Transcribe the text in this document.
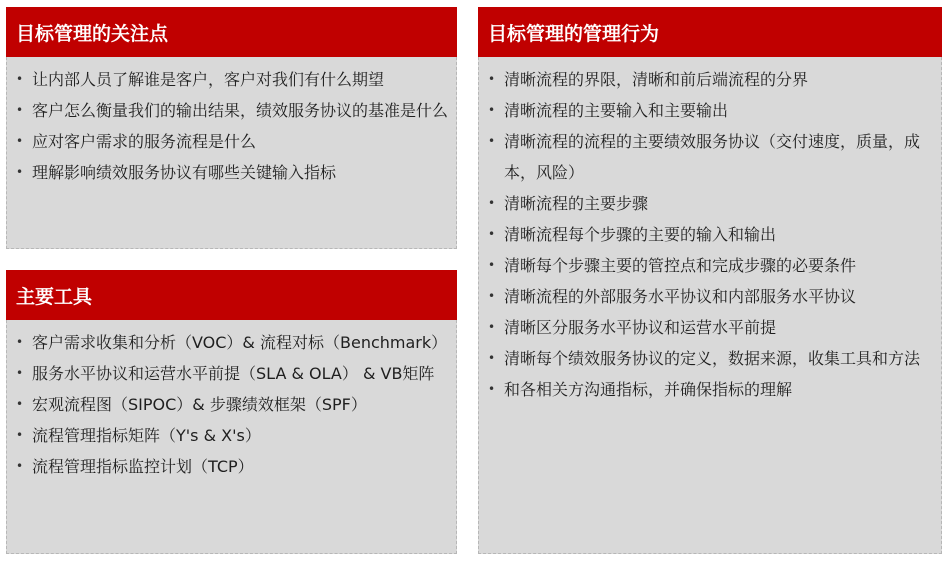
目标管理的关注点
• 让内部人员了解谁是客户，客户对我们有什么期望
• 客户怎么衡量我们的输出结果，绩效服务协议的基准是什么
• 应对客户需求的服务流程是什么
• 理解影响绩效服务协议有哪些关键输入指标
主要工具
• 客户需求收集和分析（VOC）& 流程对标（Benchmark）
• 服务水平协议和运营水平前提（SLA & OLA） & VB矩阵
• 宏观流程图（SIPOC）& 步骤绩效框架（SPF）
• 流程管理指标矩阵（Y's & X's）
• 流程管理指标监控计划（TCP）
目标管理的管理行为
• 清晰流程的界限，清晰和前后端流程的分界
• 清晰流程的主要输入和主要输出
• 清晰流程的流程的主要绩效服务协议（交付速度，质量，成本，风险）
• 清晰流程的主要步骤
• 清晰流程每个步骤的主要的输入和输出
• 清晰每个步骤主要的管控点和完成步骤的必要条件
• 清晰流程的外部服务水平协议和内部服务水平协议
• 清晰区分服务水平协议和运营水平前提
• 清晰每个绩效服务协议的定义，数据来源，收集工具和方法
• 和各相关方沟通指标，并确保指标的理解
